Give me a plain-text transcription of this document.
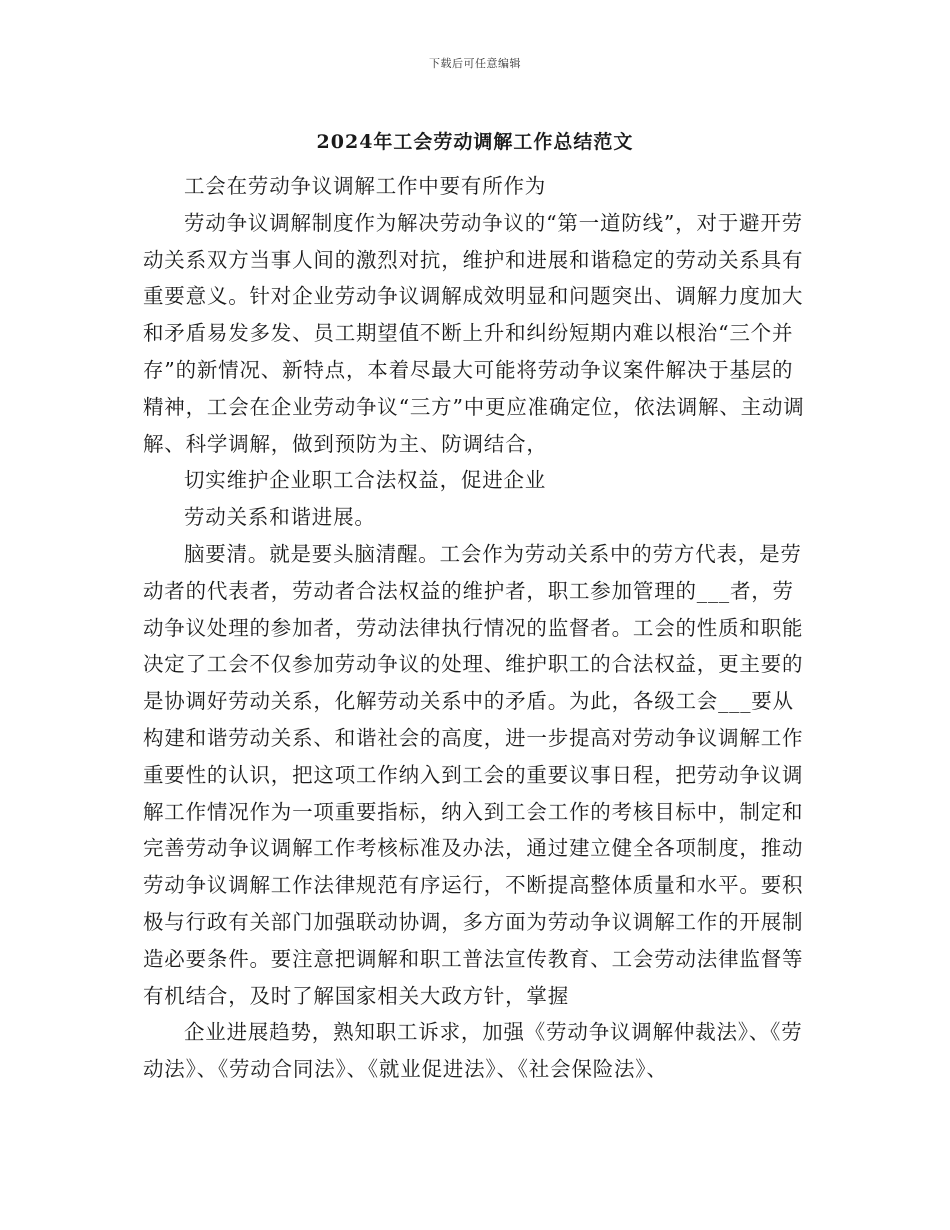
下载后可任意编辑
2024年工会劳动调解工作总结范文

工会在劳动争议调解工作中要有所作为

劳动争议调解制度作为解决劳动争议的“第一道防线”，对于避开劳动关系双方当事人间的激烈对抗，维护和进展和谐稳定的劳动关系具有重要意义。针对企业劳动争议调解成效明显和问题突出、调解力度加大和矛盾易发多发、员工期望值不断上升和纠纷短期内难以根治“三个并存”的新情况、新特点，本着尽最大可能将劳动争议案件解决于基层的精神，工会在企业劳动争议“三方”中更应准确定位，依法调解、主动调解、科学调解，做到预防为主、防调结合，

切实维护企业职工合法权益，促进企业

劳动关系和谐进展。

脑要清。就是要头脑清醒。工会作为劳动关系中的劳方代表，是劳动者的代表者，劳动者合法权益的维护者，职工参加管理的___者，劳动争议处理的参加者，劳动法律执行情况的监督者。工会的性质和职能决定了工会不仅参加劳动争议的处理、维护职工的合法权益，更主要的是协调好劳动关系，化解劳动关系中的矛盾。为此，各级工会___要从构建和谐劳动关系、和谐社会的高度，进一步提高对劳动争议调解工作重要性的认识，把这项工作纳入到工会的重要议事日程，把劳动争议调解工作情况作为一项重要指标，纳入到工会工作的考核目标中，制定和完善劳动争议调解工作考核标准及办法，通过建立健全各项制度，推动劳动争议调解工作法律规范有序运行，不断提高整体质量和水平。要积极与行政有关部门加强联动协调，多方面为劳动争议调解工作的开展制造必要条件。要注意把调解和职工普法宣传教育、工会劳动法律监督等有机结合，及时了解国家相关大政方针，掌握

企业进展趋势，熟知职工诉求，加强《劳动争议调解仲裁法》、《劳动法》、《劳动合同法》、《就业促进法》、《社会保险法》、
